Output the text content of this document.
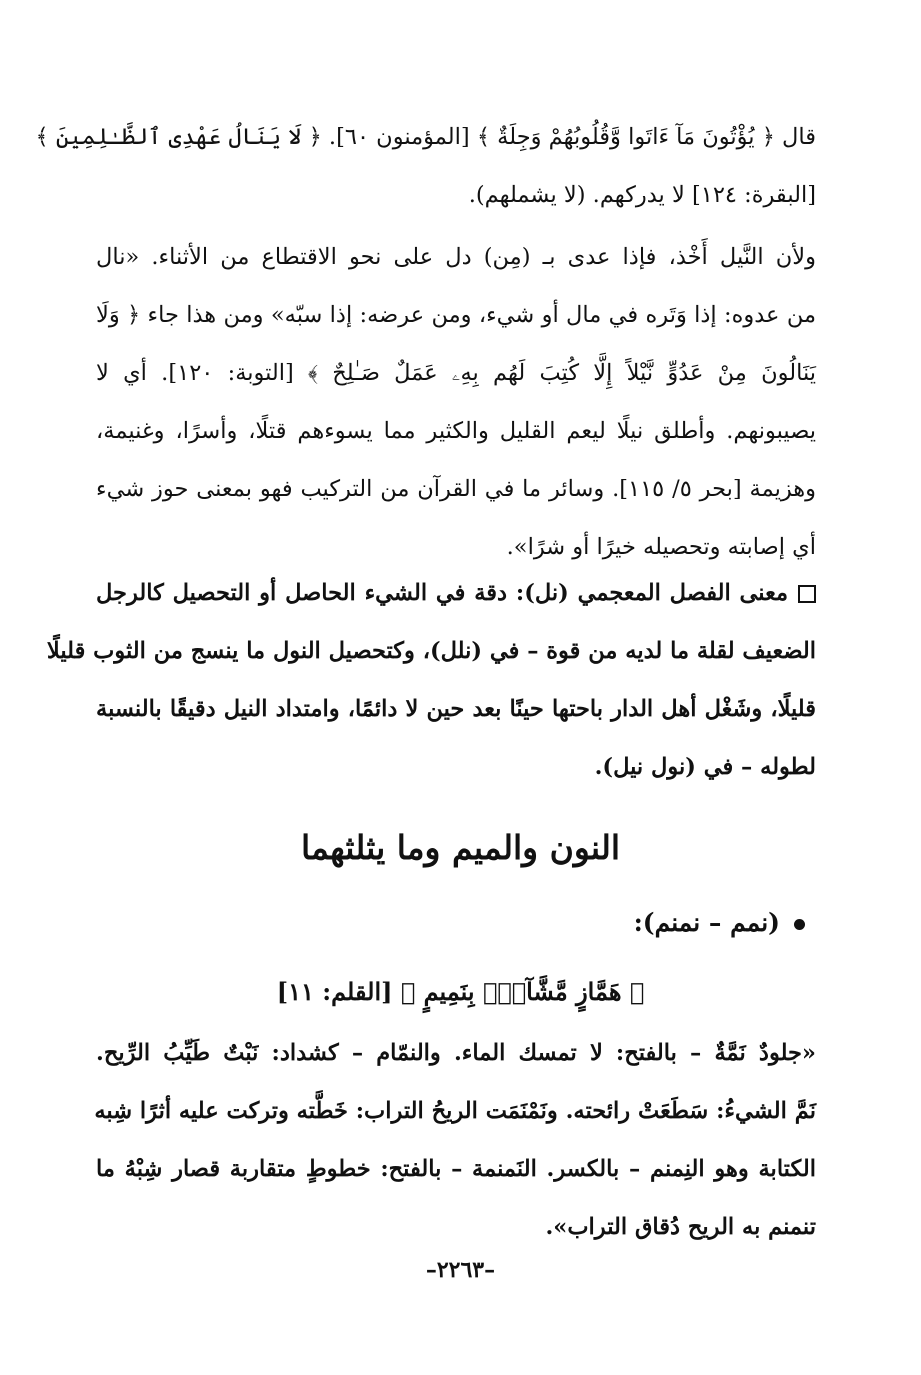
قال ﴿ يُؤْتُونَ مَآ ءَاتَوا وَّقُلُوبُهُمْ وَجِلَةٌ ﴾ [المؤمنون ٦٠]. ﴿ لَا يَنَالُ عَهْدِى ٱلظَّـٰلِمِينَ ﴾
[البقرة: ١٢٤] لا يدركهم. (لا يشملهم).
ولأن النَّيل أَخْذ، فإذا عدى بـ (مِن) دل على نحو الاقتطاع من الأثناء. «نال
من عدوه: إذا وَتَره في مال أو شيء، ومن عرضه: إذا سبّه» ومن هذا جاء ﴿ وَلَا
يَنَالُونَ مِنْ عَدُوٍّ نَّيْلاً إِلَّا كُتِبَ لَهُم بِهِۦ عَمَلٌ صَـٰلِحٌ ﴾ [التوبة: ١٢٠]. أي لا
يصيبونهم. وأطلق نيلًا ليعم القليل والكثير مما يسوءهم قتلًا، وأسرًا، وغنيمة،
وهزيمة [بحر ٥/ ١١٥]. وسائر ما في القرآن من التركيب فهو بمعنى حوز شيء
أي إصابته وتحصيله خيرًا أو شرًا».
معنى الفصل المعجمي (نل): دقة في الشيء الحاصل أو التحصيل كالرجل
الضعيف لقلة ما لديه من قوة – في (نلل)، وكتحصيل النول ما ينسج من الثوب قليلًا
قليلًا، وشَغْل أهل الدار باحتها حينًا بعد حين لا دائمًا، وامتداد النيل دقيقًا بالنسبة
لطوله – في (نول نيل).
النون والميم وما يثلثهما
(نمم – نمنم):
﴿ هَمَّازٍ مَّشَّآءِۭ بِنَمِيمٍ ﴾ [القلم: ١١]
«جلودٌ نَمَّةٌ – بالفتح: لا تمسك الماء. والنمّام – كشداد: نَبْتٌ طَيِّبُ الرِّيح.
نَمَّ الشيءُ: سَطَعَتْ رائحته. ونَمْنَمَت الريحُ التراب: خَطَّته وتركت عليه أثرًا شِبه
الكتابة وهو النِمنم – بالكسر. النَمنمة – بالفتح: خطوطٍ متقاربة قصار شِبْهُ ما
تنمنم به الريح دُقاق التراب».
–٢٢٦٣–
